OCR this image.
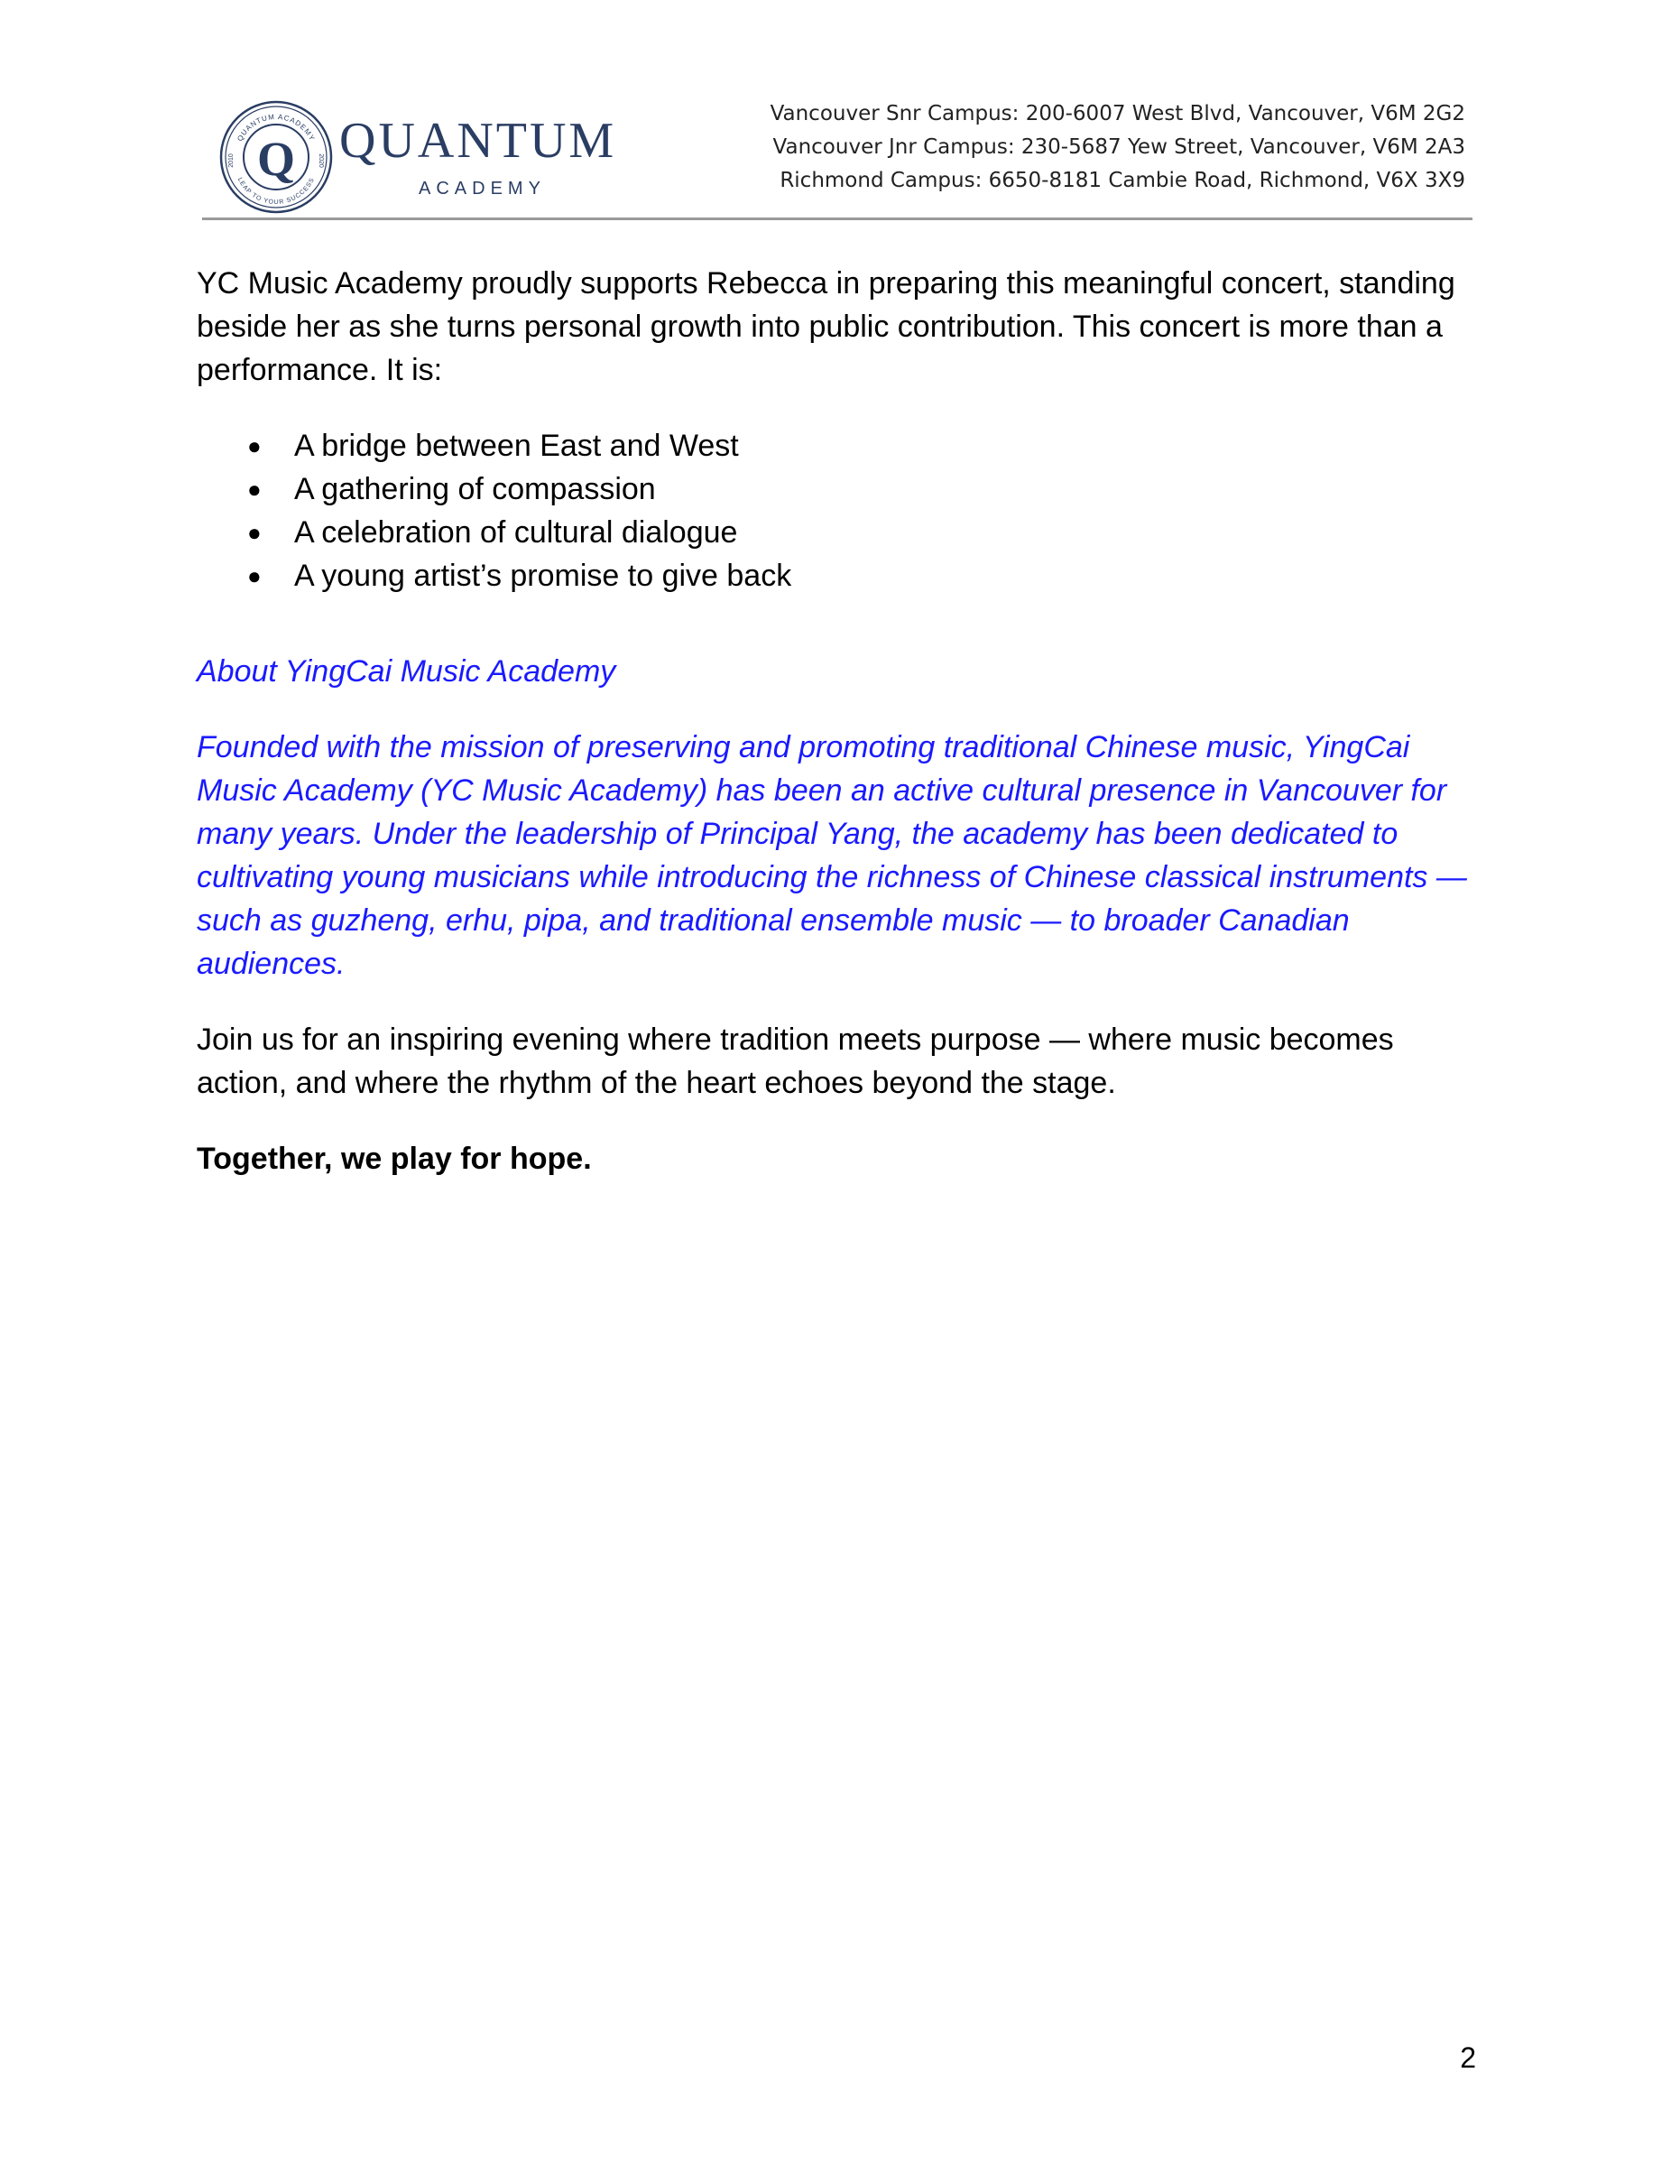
QUANTUM ACADEMY
LEAP TO YOUR SUCCESS
2010	2020
Q QUANTUM
ACADEMY
Vancouver Snr Campus: 200-6007 West Blvd, Vancouver, V6M 2G2
Vancouver Jnr Campus: 230-5687 Yew Street, Vancouver, V6M 2A3
Richmond Campus: 6650-8181 Cambie Road, Richmond, V6X 3X9

YC Music Academy proudly supports Rebecca in preparing this meaningful concert, standing beside her as she turns personal growth into public contribution. This concert is more than a performance. It is:

● A bridge between East and West
● A gathering of compassion
● A celebration of cultural dialogue
● A young artist’s promise to give back

About YingCai Music Academy

Founded with the mission of preserving and promoting traditional Chinese music, YingCai Music Academy (YC Music Academy) has been an active cultural presence in Vancouver for many years. Under the leadership of Principal Yang, the academy has been dedicated to cultivating young musicians while introducing the richness of Chinese classical instruments — such as guzheng, erhu, pipa, and traditional ensemble music — to broader Canadian audiences.

Join us for an inspiring evening where tradition meets purpose — where music becomes action, and where the rhythm of the heart echoes beyond the stage.

Together, we play for hope.

2
